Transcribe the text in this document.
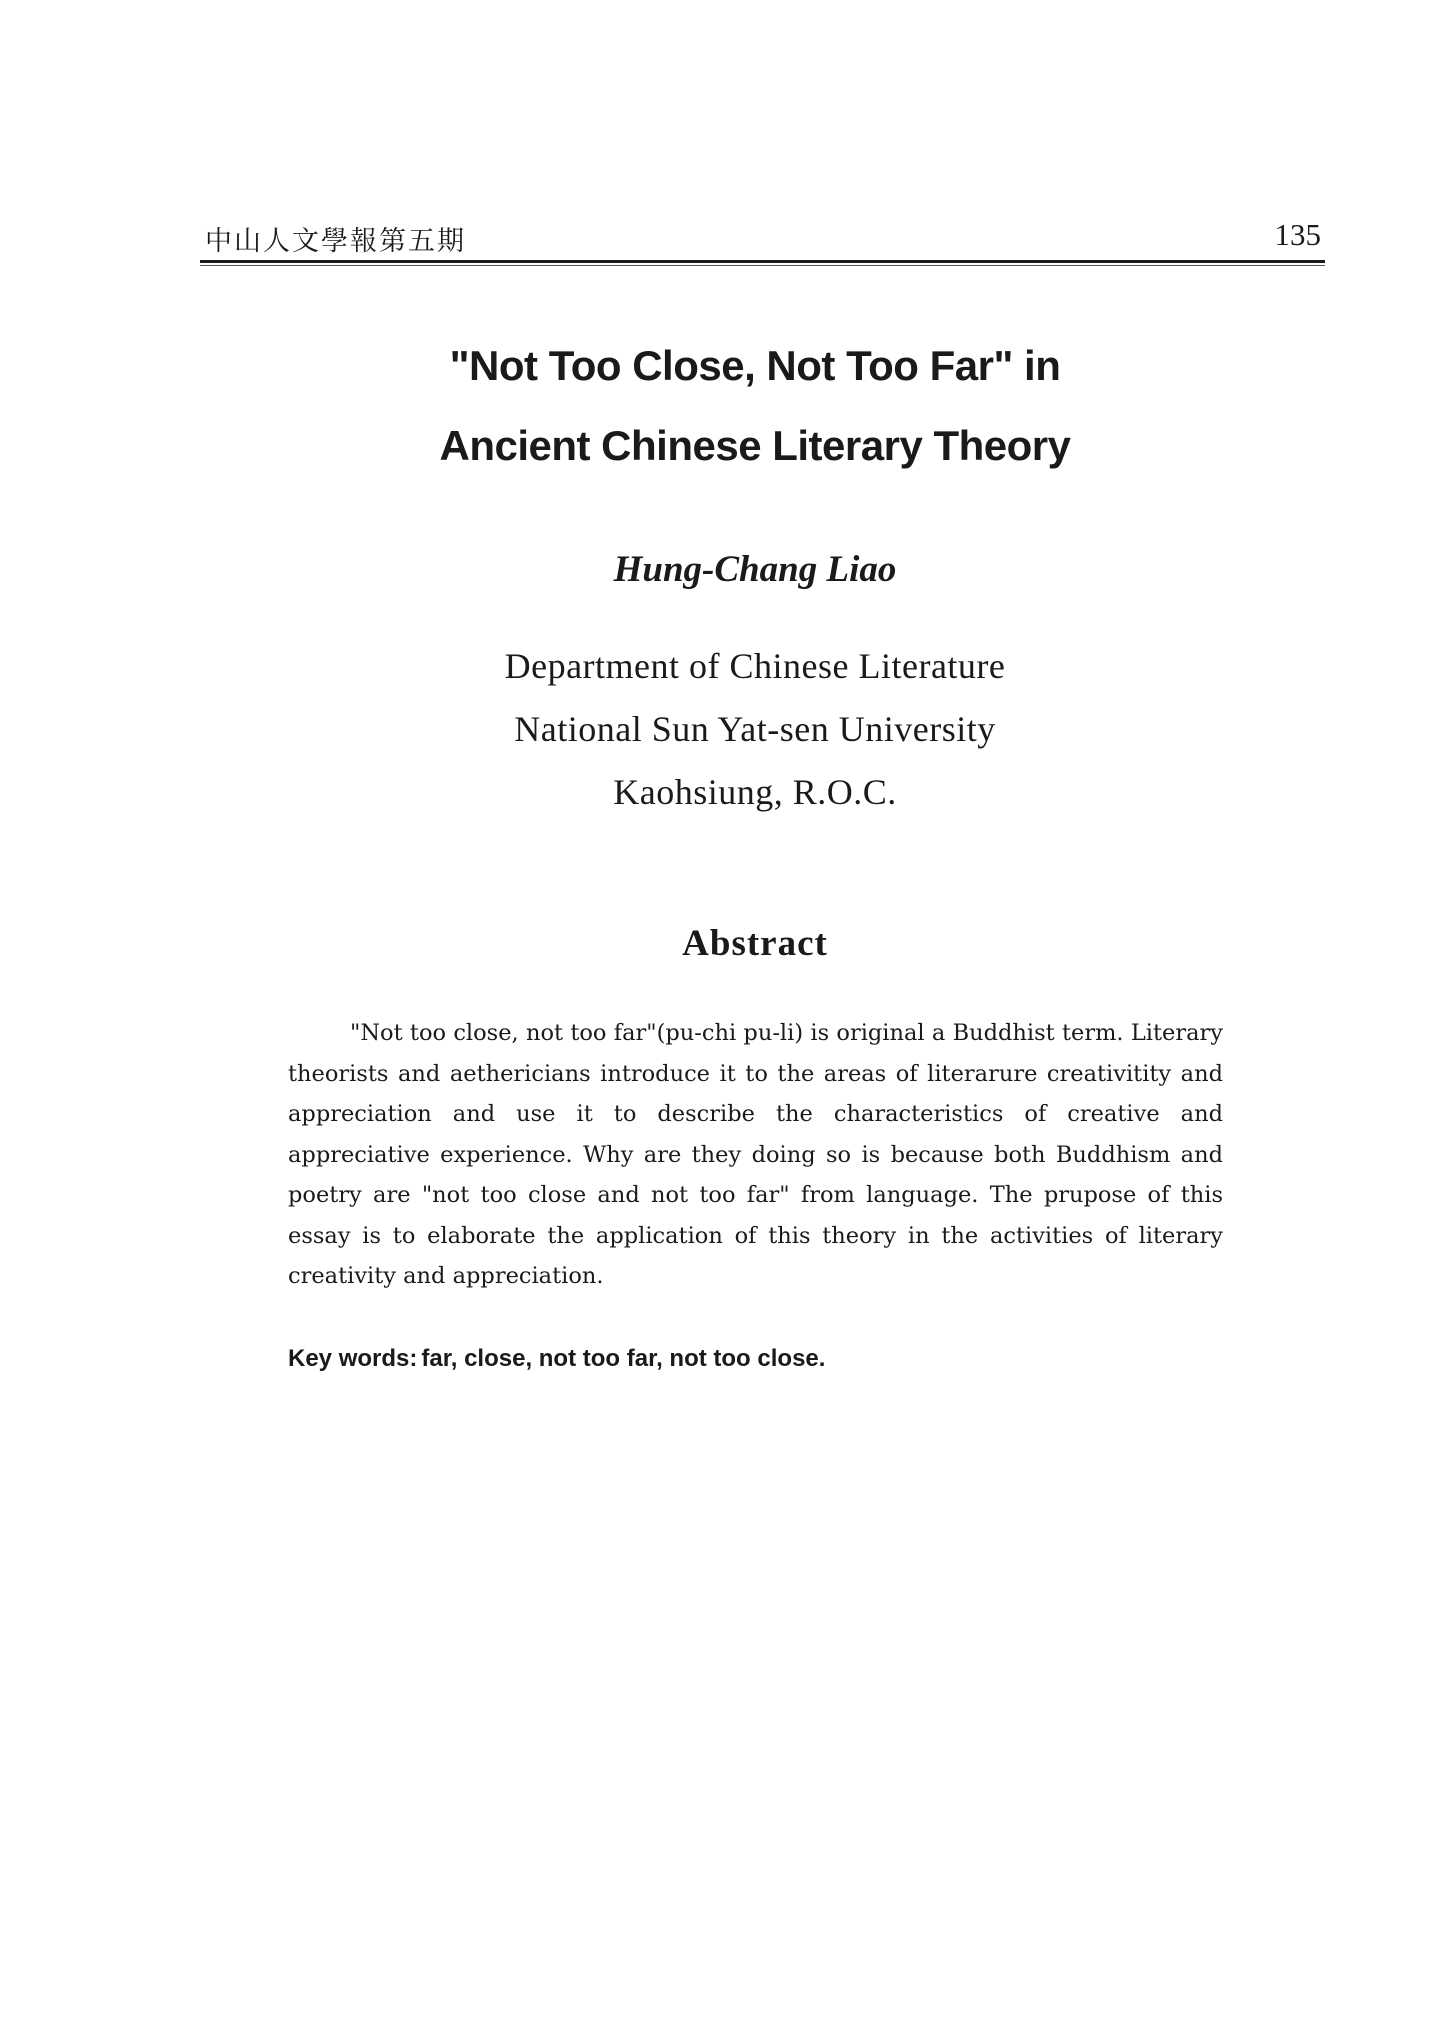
中山人文學報第五期	135
"Not Too Close, Not Too Far" in
Ancient Chinese Literary Theory
Hung-Chang Liao
Department of Chinese Literature
National Sun Yat-sen University
Kaohsiung, R.O.C.
Abstract

"Not too close, not too far"(pu-chi pu-li) is original a Buddhist term. Literary theorists and aethericians introduce it to the areas of literarure creativitity and appreciation and use it to describe the characteristics of creative and appreciative experience. Why are they doing so is because both Buddhism and poetry are "not too close and not too far" from language. The prupose of this essay is to elaborate the application of this theory in the activities of literary creativity and appreciation.

Key words: far, close, not too far, not too close.
